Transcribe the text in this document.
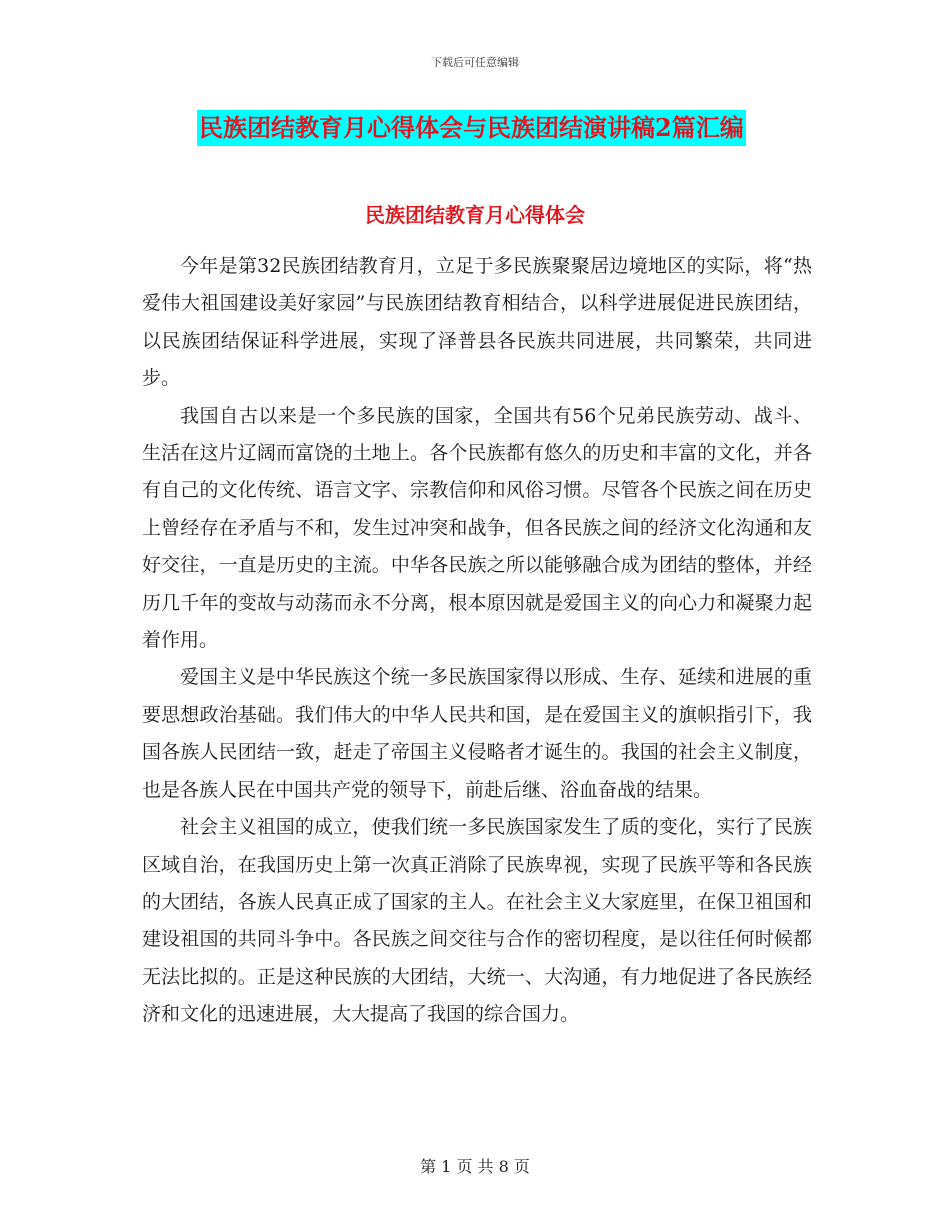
下载后可任意编辑
民族团结教育月心得体会与民族团结演讲稿2篇汇编
民族团结教育月心得体会

今年是第32民族团结教育月，立足于多民族聚聚居边境地区的实际，将“热爱伟大祖国建设美好家园”与民族团结教育相结合，以科学进展促进民族团结，以民族团结保证科学进展，实现了泽普县各民族共同进展，共同繁荣，共同进步。

我国自古以来是一个多民族的国家，全国共有56个兄弟民族劳动、战斗、生活在这片辽阔而富饶的土地上。各个民族都有悠久的历史和丰富的文化，并各有自己的文化传统、语言文字、宗教信仰和风俗习惯。尽管各个民族之间在历史上曾经存在矛盾与不和，发生过冲突和战争，但各民族之间的经济文化沟通和友好交往，一直是历史的主流。中华各民族之所以能够融合成为团结的整体，并经历几千年的变故与动荡而永不分离，根本原因就是爱国主义的向心力和凝聚力起着作用。

爱国主义是中华民族这个统一多民族国家得以形成、生存、延续和进展的重要思想政治基础。我们伟大的中华人民共和国，是在爱国主义的旗帜指引下，我国各族人民团结一致，赶走了帝国主义侵略者才诞生的。我国的社会主义制度，也是各族人民在中国共产党的领导下，前赴后继、浴血奋战的结果。

社会主义祖国的成立，使我们统一多民族国家发生了质的变化，实行了民族区域自治，在我国历史上第一次真正消除了民族卑视，实现了民族平等和各民族的大团结，各族人民真正成了国家的主人。在社会主义大家庭里，在保卫祖国和建设祖国的共同斗争中。各民族之间交往与合作的密切程度，是以往任何时候都无法比拟的。正是这种民族的大团结，大统一、大沟通，有力地促进了各民族经济和文化的迅速进展，大大提高了我国的综合国力。

第 1 页 共 8 页
